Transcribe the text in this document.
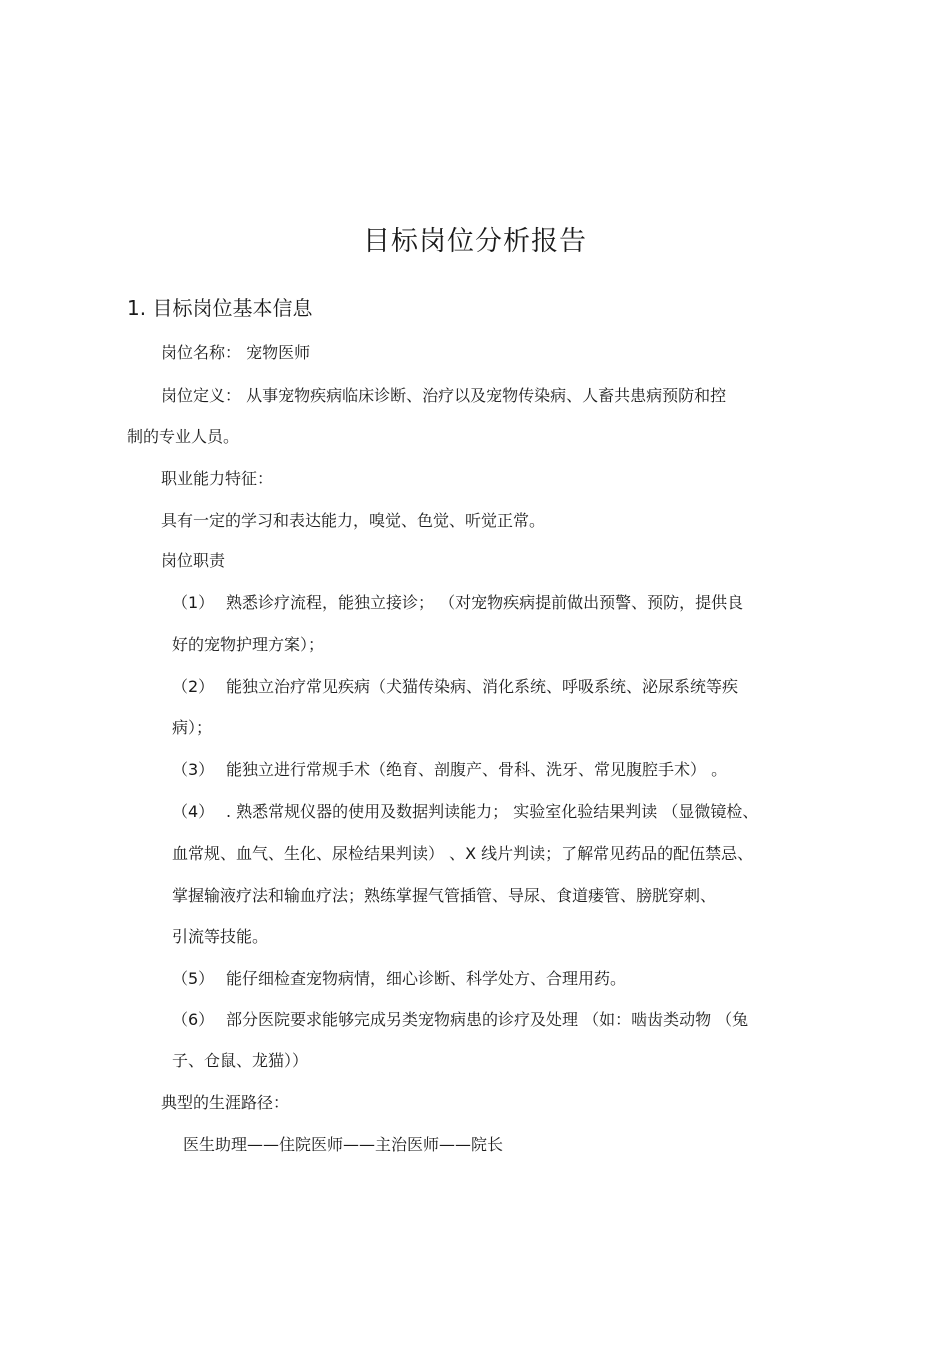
目标岗位分析报告
1. 目标岗位基本信息
岗位名称： 宠物医师
岗位定义： 从事宠物疾病临床诊断、治疗以及宠物传染病、人畜共患病预防和控
制的专业人员。
职业能力特征：
具有一定的学习和表达能力，嗅觉、色觉、听觉正常。
岗位职责
（1） 熟悉诊疗流程，能独立接诊； （对宠物疾病提前做出预警、预防，提供良
好的宠物护理方案）；
（2） 能独立治疗常见疾病（犬猫传染病、消化系统、呼吸系统、泌尿系统等疾
病）；
（3） 能独立进行常规手术（绝育、剖腹产、骨科、洗牙、常见腹腔手术） 。
（4） . 熟悉常规仪器的使用及数据判读能力； 实验室化验结果判读 （显微镜检、
血常规、血气、生化、尿检结果判读） 、X 线片判读；了解常见药品的配伍禁忌、
掌握输液疗法和输血疗法；熟练掌握气管插管、导尿、食道瘘管、膀胱穿刺、
引流等技能。
（5） 能仔细检查宠物病情，细心诊断、科学处方、合理用药。
（6） 部分医院要求能够完成另类宠物病患的诊疗及处理 （如：啮齿类动物 （兔
子、仓鼠、龙猫））
典型的生涯路径：
医生助理——住院医师——主治医师——院长
